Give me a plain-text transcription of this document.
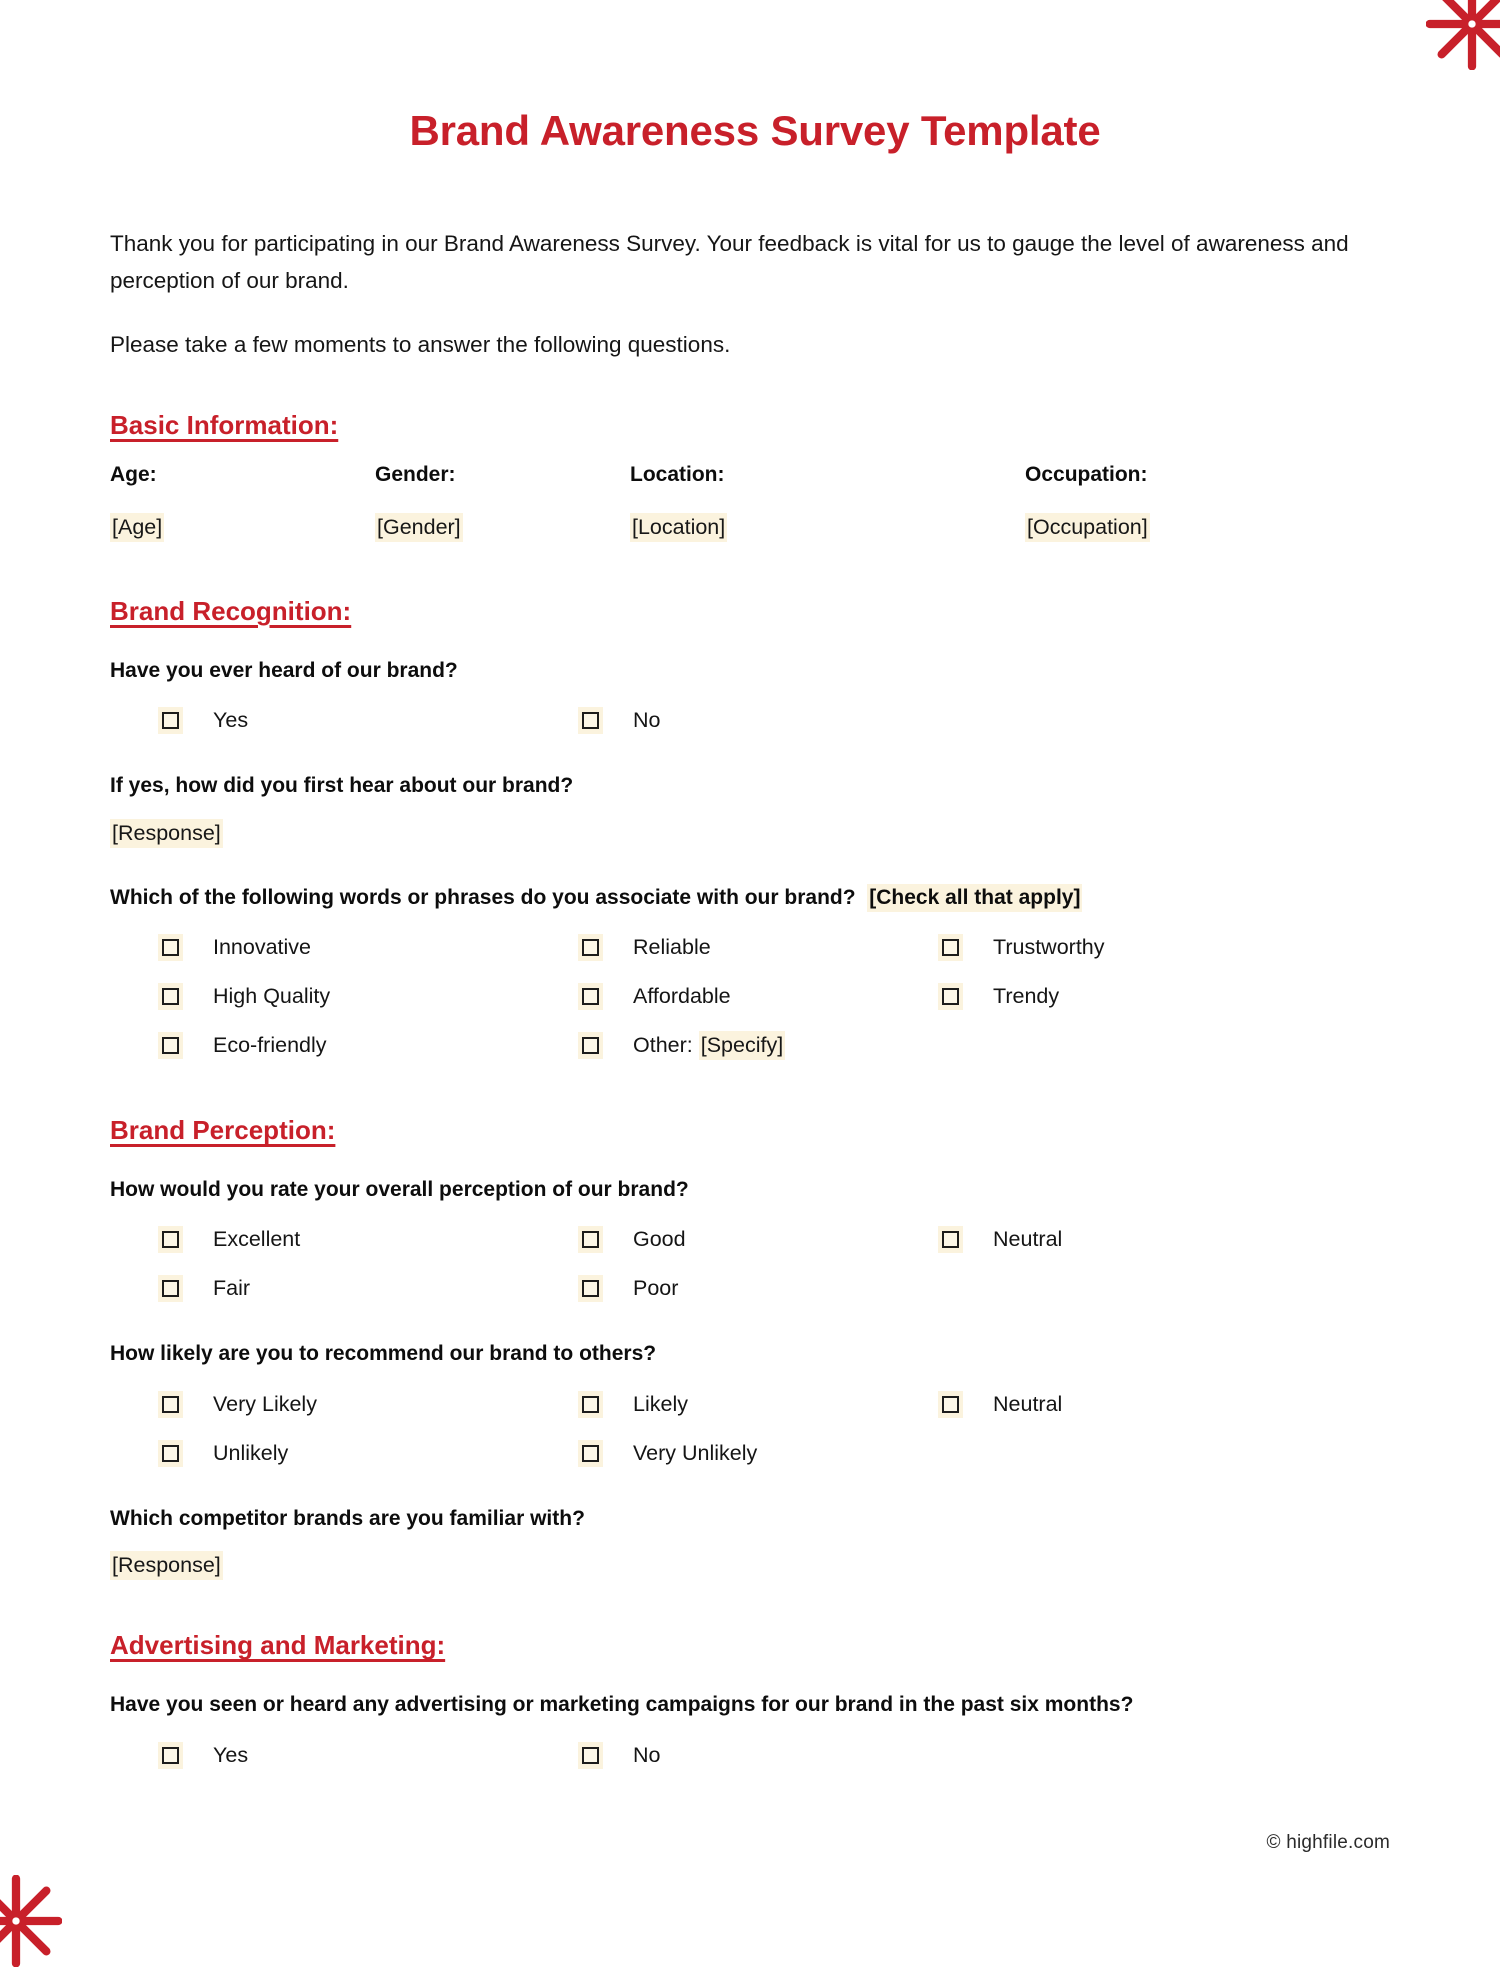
Brand Awareness Survey Template

Thank you for participating in our Brand Awareness Survey. Your feedback is vital for us to gauge the level of awareness and perception of our brand.

Please take a few moments to answer the following questions.

Basic Information:
Age:	Gender:	Location:	Occupation:
[Age]	[Gender]	[Location]	[Occupation]
Brand Recognition:

Have you ever heard of our brand?

Yes	No

If yes, how did you first hear about our brand?

[Response]

Which of the following words or phrases do you associate with our brand? [Check all that apply]

Innovative	Reliable	Trustworthy
High Quality	Affordable	Trendy
Eco-friendly	Other: [Specify]
Brand Perception:

How would you rate your overall perception of our brand?

Excellent	Good	Neutral
Fair	Poor

How likely are you to recommend our brand to others?

Very Likely	Likely	Neutral
Unlikely	Very Unlikely

Which competitor brands are you familiar with?

[Response]
Advertising and Marketing:

Have you seen or heard any advertising or marketing campaigns for our brand in the past six months?

Yes	No
© highfile.com
